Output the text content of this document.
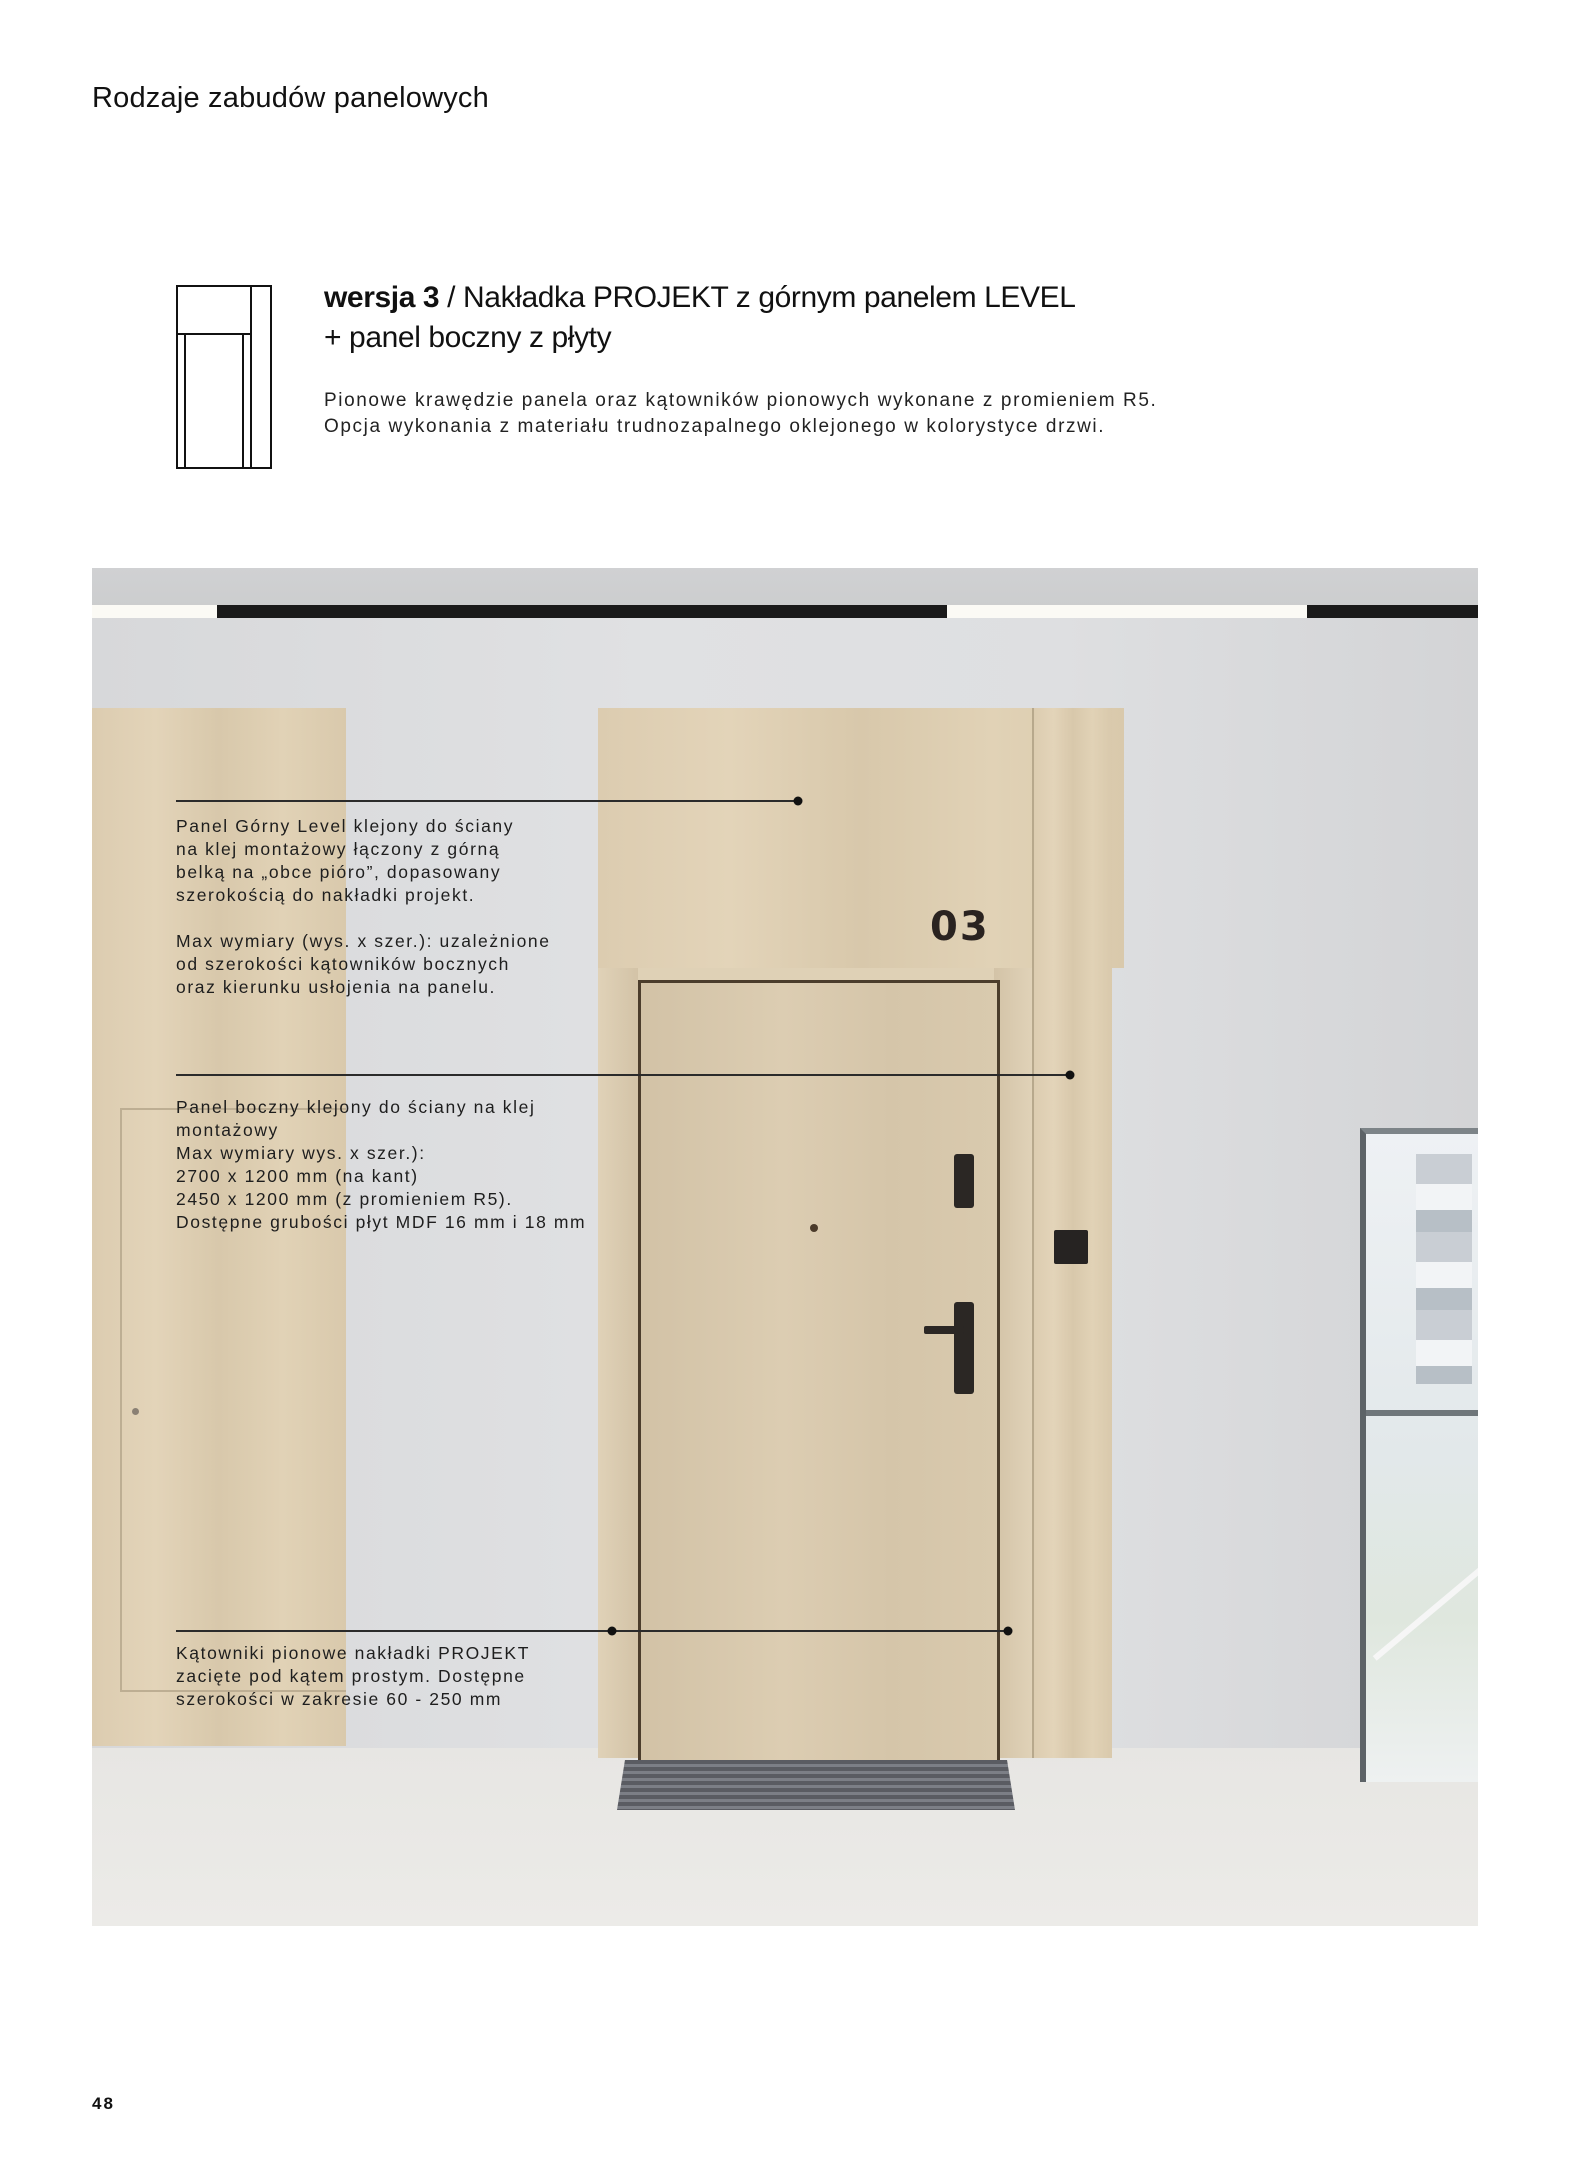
Rodzaje zabudów panelowych
wersja 3 / Nakładka PROJEKT z górnym panelem LEVEL
+ panel boczny z płyty
Pionowe krawędzie panela oraz kątowników pionowych wykonane z promieniem R5.
Opcja wykonania z materiału trudnozapalnego oklejonego w kolorystyce drzwi.
03
Panel Górny Level klejony do ściany
na klej montażowy łączony z górną
belką na „obce pióro”, dopasowany
szerokością do nakładki projekt.

Max wymiary (wys. x szer.): uzależnione
od szerokości kątowników bocznych
oraz kierunku usłojenia na panelu.
Panel boczny klejony do ściany na klej
montażowy
Max wymiary wys. x szer.):
2700 x 1200 mm (na kant)
2450 x 1200 mm (z promieniem R5).
Dostępne grubości płyt MDF 16 mm i 18 mm
Kątowniki pionowe nakładki PROJEKT
zacięte pod kątem prostym. Dostępne
szerokości w zakresie 60 - 250 mm
48
